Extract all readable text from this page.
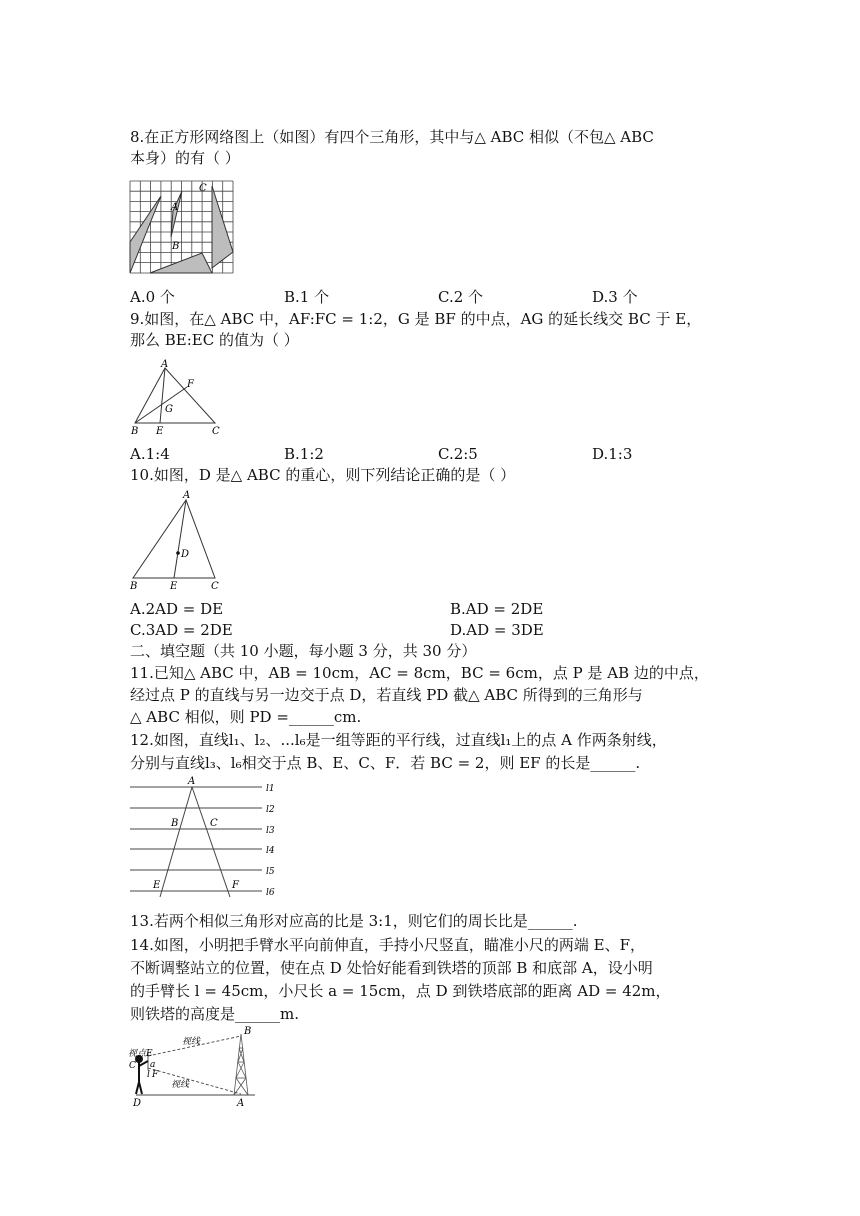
8.在正方形网络图上（如图）有四个三角形，其中与△ ABC 相似（不包△ ABC
本身）的有（ ）
A
B
C
A.0 个	B.1 个	C.2 个	D.3 个
9.如图，在△ ABC 中，AF:FC = 1:2，G 是 BF 的中点，AG 的延长线交 BC 于 E，
那么 BE:EC 的值为（ ）
A
F
G
B E	C
A.1:4	B.1:2	C.2:5	D.1:3
10.如图，D 是△ ABC 的重心，则下列结论正确的是（ ）
A
D
B	E	C
A.2AD = DE	B.AD = 2DE
C.3AD = 2DE	D.AD = 3DE
二、填空题（共 10 小题，每小题 3 分，共 30 分）
11.已知△ ABC 中，AB = 10cm，AC = 8cm，BC = 6cm，点 P 是 AB 边的中点，
经过点 P 的直线与另一边交于点 D，若直线 PD 截△ ABC 所得到的三角形与
△ ABC 相似，则 PD =______cm.
12.如图，直线l₁、l₂、...l₆是一组等距的平行线，过直线l₁上的点 A 作两条射线，
分别与直线l₃、l₆相交于点 B、E、C、F．若 BC = 2，则 EF 的长是______.
A
B	C
E	F
l1
l2
l3
l4
l5
l6
13.若两个相似三角形对应高的比是 3:1，则它们的周长比是______.
14.如图，小明把手臂水平向前伸直，手持小尺竖直，瞄准小尺的两端 E、F，
不断调整站立的位置，使在点 D 处恰好能看到铁塔的顶部 B 和底部 A，设小明
的手臂长 l = 45cm，小尺长 a = 15cm，点 D 到铁塔底部的距离 AD = 42m，
则铁塔的高度是______m.
视线
视线
视点E
C a
l F
D	A
B
